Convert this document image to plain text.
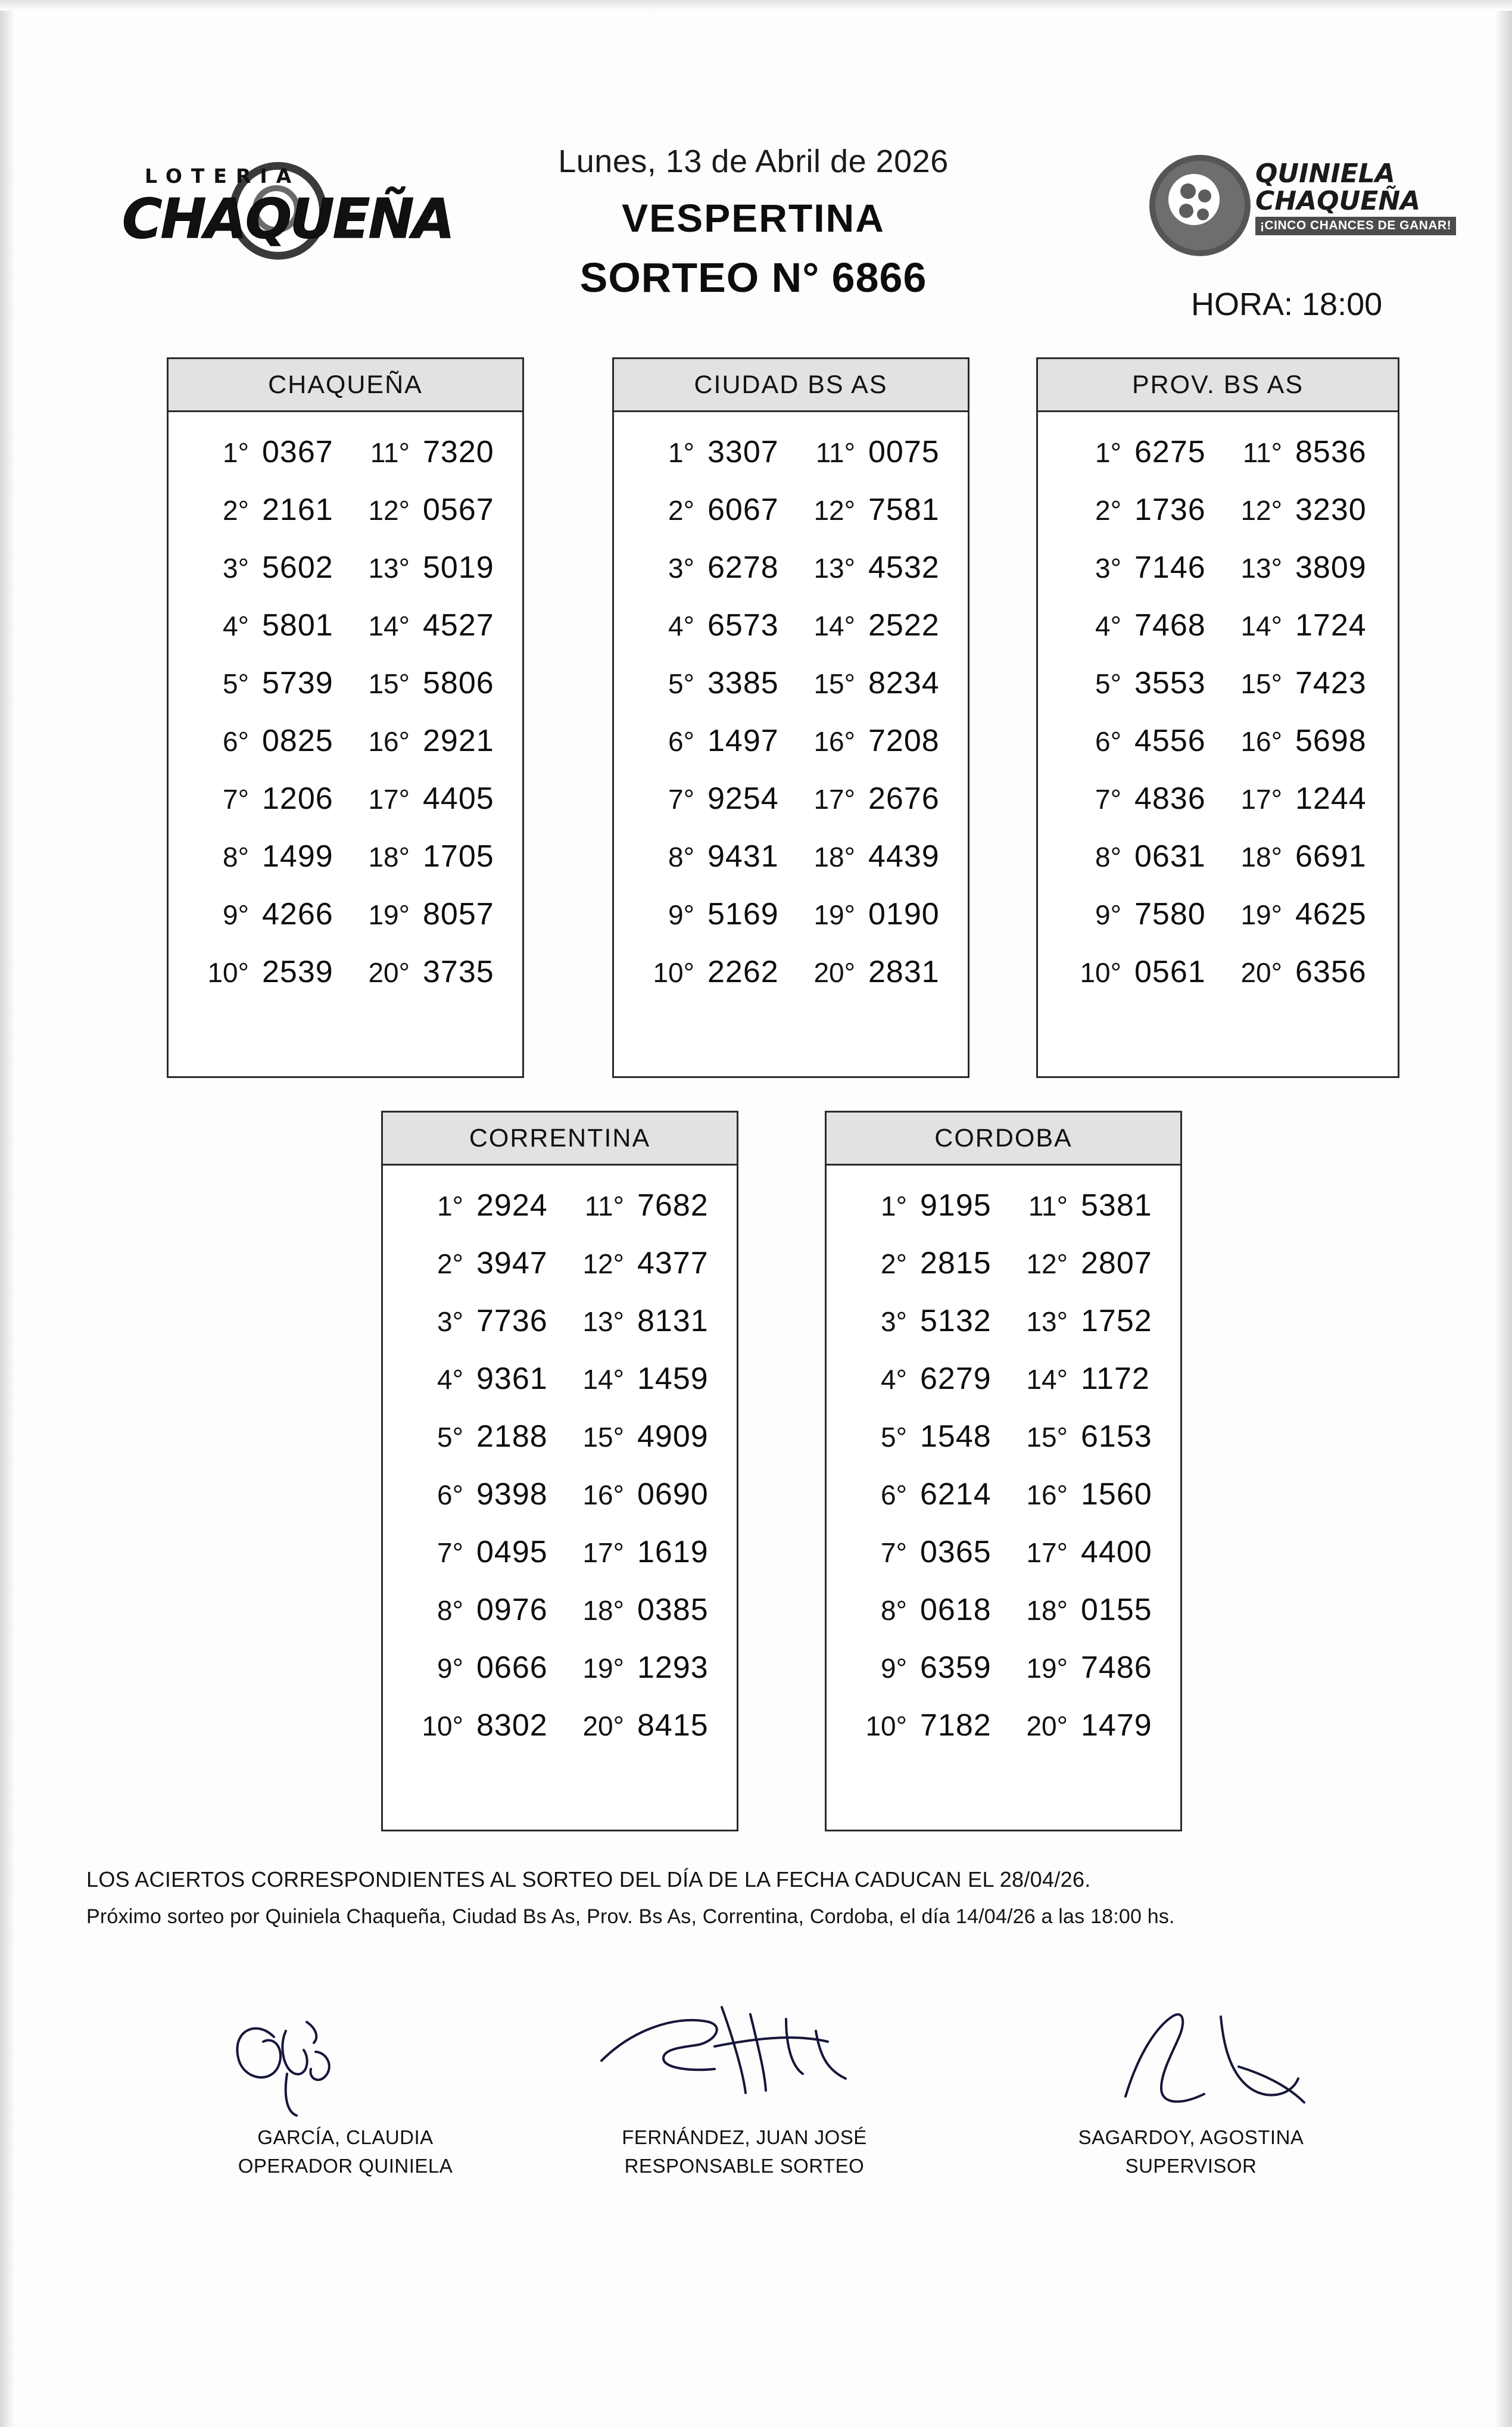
LOTERIA
CHAQUEÑA
Lunes, 13 de Abril de 2026
VESPERTINA
SORTEO N° 6866
QUINIELA
CHAQUEÑA
¡CINCO CHANCES DE GANAR!
HORA: 18:00
CHAQUEÑA
1° 0367	11° 7320
2° 2161	12° 0567
3° 5602	13° 5019
4° 5801	14° 4527
5° 5739	15° 5806
6° 0825	16° 2921
7° 1206	17° 4405
8° 1499	18° 1705
9° 4266	19° 8057
10° 2539	20° 3735
CIUDAD BS AS
1° 3307	11° 0075
2° 6067	12° 7581
3° 6278	13° 4532
4° 6573	14° 2522
5° 3385	15° 8234
6° 1497	16° 7208
7° 9254	17° 2676
8° 9431	18° 4439
9° 5169	19° 0190
10° 2262	20° 2831
PROV. BS AS
1° 6275	11° 8536
2° 1736	12° 3230
3° 7146	13° 3809
4° 7468	14° 1724
5° 3553	15° 7423
6° 4556	16° 5698
7° 4836	17° 1244
8° 0631	18° 6691
9° 7580	19° 4625
10° 0561	20° 6356
CORRENTINA
1° 2924	11° 7682
2° 3947	12° 4377
3° 7736	13° 8131
4° 9361	14° 1459
5° 2188	15° 4909
6° 9398	16° 0690
7° 0495	17° 1619
8° 0976	18° 0385
9° 0666	19° 1293
10° 8302	20° 8415
CORDOBA
1° 9195	11° 5381
2° 2815	12° 2807
3° 5132	13° 1752
4° 6279	14° 1172
5° 1548	15° 6153
6° 6214	16° 1560
7° 0365	17° 4400
8° 0618	18° 0155
9° 6359	19° 7486
10° 7182	20° 1479
LOS ACIERTOS CORRESPONDIENTES AL SORTEO DEL DÍA DE LA FECHA CADUCAN EL 28/04/26.
Próximo sorteo por Quiniela Chaqueña, Ciudad Bs As, Prov. Bs As, Correntina, Cordoba, el día 14/04/26 a las 18:00 hs.
GARCÍA, CLAUDIA
OPERADOR QUINIELA
FERNÁNDEZ, JUAN JOSÉ
RESPONSABLE SORTEO
SAGARDOY, AGOSTINA
SUPERVISOR
